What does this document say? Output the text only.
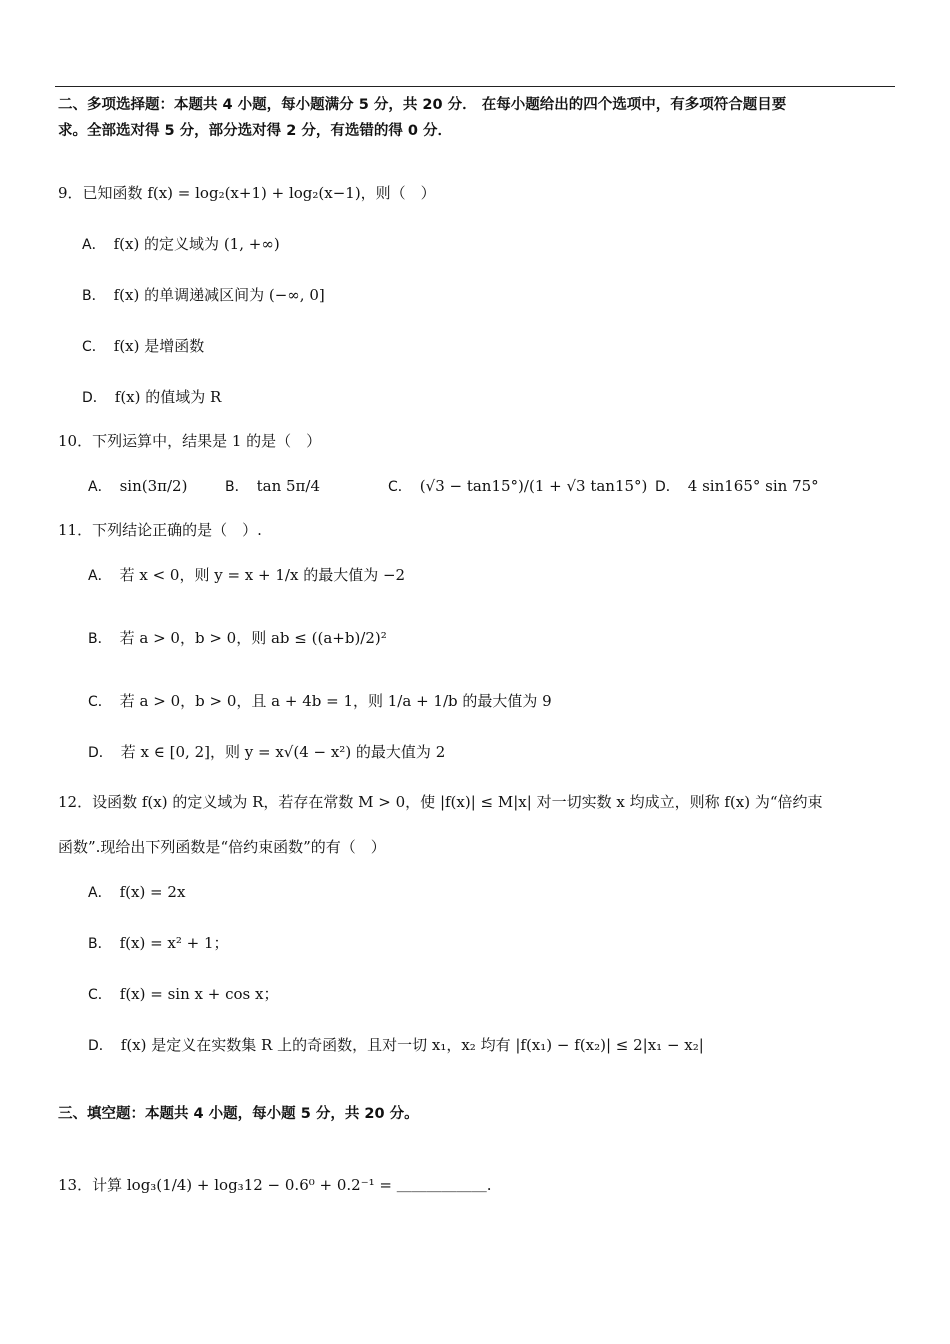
二、多项选择题：本题共 4 小题，每小题满分 5 分，共 20 分． 在每小题给出的四个选项中，有多项符合题目要
求。全部选对得 5 分，部分选对得 2 分，有选错的得 0 分．
9．已知函数 f(x) = log₂(x+1) + log₂(x−1)，则（　）
A． f(x) 的定义域为 (1, +∞)
B． f(x) 的单调递减区间为 (−∞, 0]
C． f(x) 是增函数
D． f(x) 的值域为 R
10．下列运算中，结果是 1 的是（　）
A． sin(3π/2)	B． tan 5π/4	C． (√3 − tan15°)/(1 + √3 tan15°) D． 4 sin165° sin 75°
11．下列结论正确的是（　）.
A． 若 x < 0，则 y = x + 1/x 的最大值为 −2
B． 若 a > 0，b > 0，则 ab ≤ ((a+b)/2)²
C． 若 a > 0，b > 0，且 a + 4b = 1，则 1/a + 1/b 的最大值为 9
D． 若 x ∈ [0, 2]，则 y = x√(4 − x²) 的最大值为 2
12．设函数 f(x) 的定义域为 R，若存在常数 M > 0，使 |f(x)| ≤ M|x| 对一切实数 x 均成立，则称 f(x) 为“倍约束
函数”.现给出下列函数是“倍约束函数”的有（　）
A． f(x) = 2x
B． f(x) = x² + 1；
C． f(x) = sin x + cos x；
D． f(x) 是定义在实数集 R 上的奇函数，且对一切 x₁，x₂ 均有 |f(x₁) − f(x₂)| ≤ 2|x₁ − x₂|
三、填空题：本题共 4 小题，每小题 5 分，共 20 分。
13．计算 log₃(1/4) + log₃12 − 0.6⁰ + 0.2⁻¹ = ＿＿＿＿＿＿.
